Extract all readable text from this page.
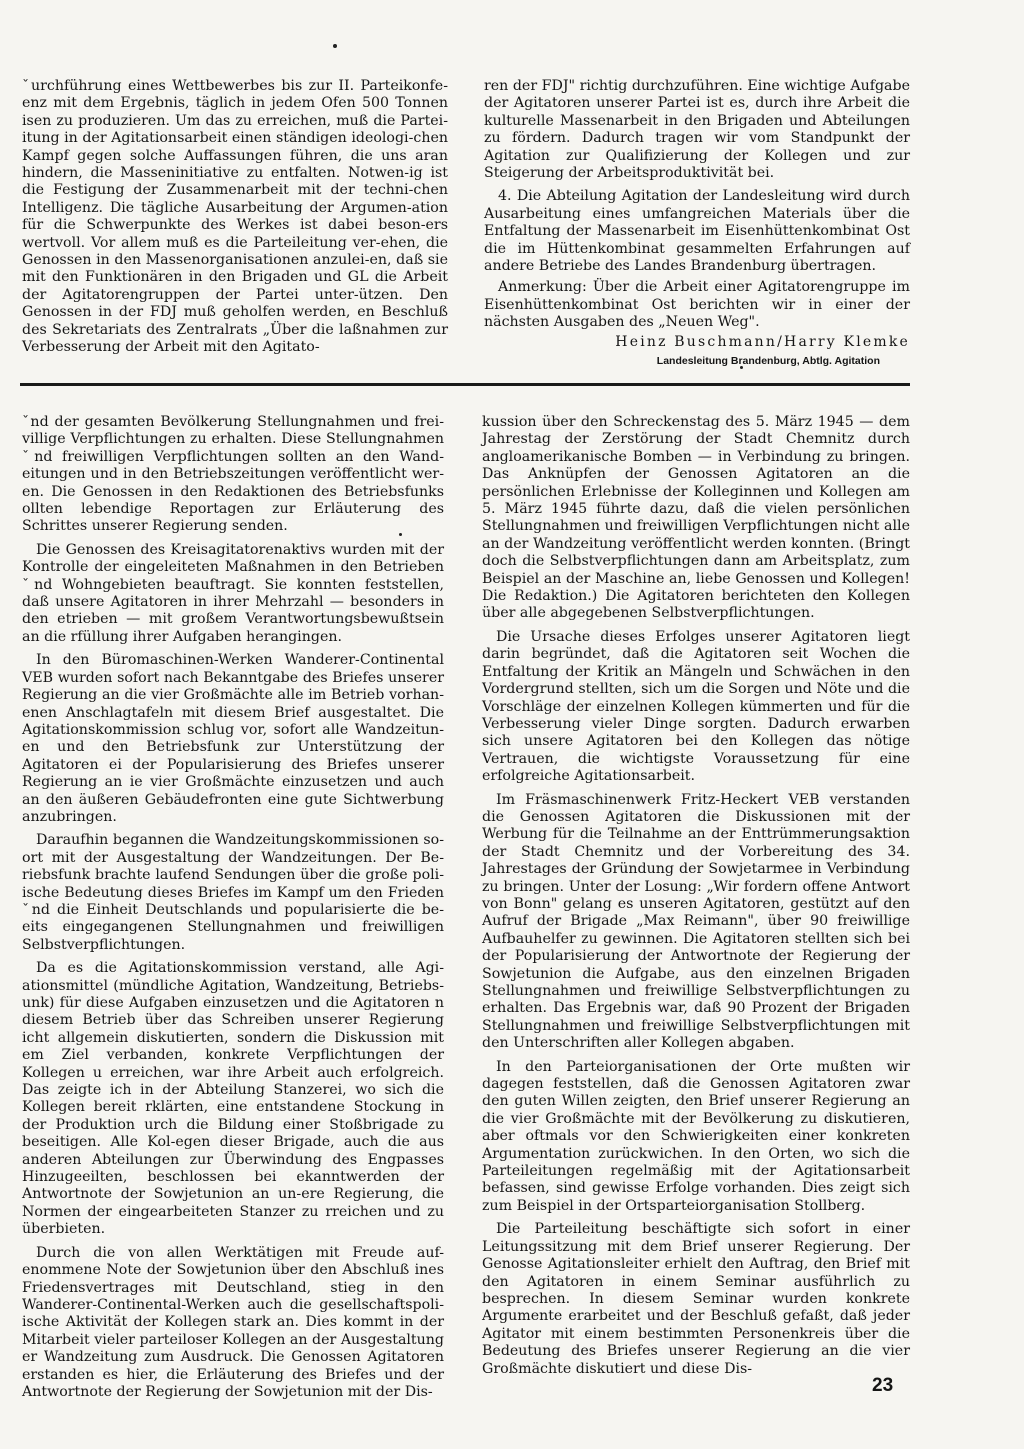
ˇurchführung eines Wettbewerbes bis zur II. Parteikonfe-enz mit dem Ergebnis, täglich in jedem Ofen 500 Tonnen isen zu produzieren. Um das zu erreichen, muß die Partei-itung in der Agitationsarbeit einen ständigen ideologi-chen Kampf gegen solche Auffassungen führen, die uns aran hindern, die Masseninitiative zu entfalten. Notwen-ig ist die Festigung der Zusammenarbeit mit der techni-chen Intelligenz. Die tägliche Ausarbeitung der Argumen-ation für die Schwerpunkte des Werkes ist dabei beson-ers wertvoll. Vor allem muß es die Parteileitung ver-ehen, die Genossen in den Massenorganisationen anzulei-en, daß sie mit den Funktionären in den Brigaden und GL die Arbeit der Agitatorengruppen der Partei unter-ützen. Den Genossen in der FDJ muß geholfen werden, en Beschluß des Sekretariats des Zentralrats „Über die laßnahmen zur Verbesserung der Arbeit mit den Agitato-

ren der FDJ" richtig durchzuführen. Eine wichtige Aufgabe der Agitatoren unserer Partei ist es, durch ihre Arbeit die kulturelle Massenarbeit in den Brigaden und Abteilungen zu fördern. Dadurch tragen wir vom Standpunkt der Agitation zur Qualifizierung der Kollegen und zur Steigerung der Arbeitsproduktivität bei.

4. Die Abteilung Agitation der Landesleitung wird durch Ausarbeitung eines umfangreichen Materials über die Entfaltung der Massenarbeit im Eisenhüttenkombinat Ost die im Hüttenkombinat gesammelten Erfahrungen auf andere Betriebe des Landes Brandenburg übertragen.

Anmerkung: Über die Arbeit einer Agitatorengruppe im Eisenhüttenkombinat Ost berichten wir in einer der nächsten Ausgaben des „Neuen Weg".

Heinz Buschmann/Harry Klemke
Landesleitung Brandenburg, Abtlg. Agitation

ˇnd der gesamten Bevölkerung Stellungnahmen und frei-villige Verpflichtungen zu erhalten. Diese Stellungnahmen ˇnd freiwilligen Verpflichtungen sollten an den Wand-eitungen und in den Betriebszeitungen veröffentlicht wer-en. Die Genossen in den Redaktionen des Betriebsfunks ollten lebendige Reportagen zur Erläuterung des Schrittes unserer Regierung senden.

Die Genossen des Kreisagitatorenaktivs wurden mit der Kontrolle der eingeleiteten Maßnahmen in den Betrieben ˇnd Wohngebieten beauftragt. Sie konnten feststellen, daß unsere Agitatoren in ihrer Mehrzahl — besonders in den etrieben — mit großem Verantwortungsbewußtsein an die rfüllung ihrer Aufgaben herangingen.

In den Büromaschinen-Werken Wanderer-Continental VEB wurden sofort nach Bekanntgabe des Briefes unserer Regierung an die vier Großmächte alle im Betrieb vorhan-enen Anschlagtafeln mit diesem Brief ausgestaltet. Die Agitationskommission schlug vor, sofort alle Wandzeitun-en und den Betriebsfunk zur Unterstützung der Agitatoren ei der Popularisierung des Briefes unserer Regierung an ie vier Großmächte einzusetzen und auch an den äußeren Gebäudefronten eine gute Sichtwerbung anzubringen.

Daraufhin begannen die Wandzeitungskommissionen so-ort mit der Ausgestaltung der Wandzeitungen. Der Be-riebsfunk brachte laufend Sendungen über die große poli-ische Bedeutung dieses Briefes im Kampf um den Frieden ˇnd die Einheit Deutschlands und popularisierte die be-eits eingegangenen Stellungnahmen und freiwilligen Selbstverpflichtungen.

Da es die Agitationskommission verstand, alle Agi-ationsmittel (mündliche Agitation, Wandzeitung, Betriebs-unk) für diese Aufgaben einzusetzen und die Agitatoren n diesem Betrieb über das Schreiben unserer Regierung icht allgemein diskutierten, sondern die Diskussion mit em Ziel verbanden, konkrete Verpflichtungen der Kollegen u erreichen, war ihre Arbeit auch erfolgreich. Das zeigte ich in der Abteilung Stanzerei, wo sich die Kollegen bereit rklärten, eine entstandene Stockung in der Produktion urch die Bildung einer Stoßbrigade zu beseitigen. Alle Kol-egen dieser Brigade, auch die aus anderen Abteilungen zur Überwindung des Engpasses Hinzugeeilten, beschlossen bei ekanntwerden der Antwortnote der Sowjetunion an un-ere Regierung, die Normen der eingearbeiteten Stanzer zu rreichen und zu überbieten.

Durch die von allen Werktätigen mit Freude auf-enommene Note der Sowjetunion über den Abschluß ines Friedensvertrages mit Deutschland, stieg in den Wanderer-Continental-Werken auch die gesellschaftspoli-ische Aktivität der Kollegen stark an. Dies kommt in der Mitarbeit vieler parteiloser Kollegen an der Ausgestaltung er Wandzeitung zum Ausdruck. Die Genossen Agitatoren erstanden es hier, die Erläuterung des Briefes und der Antwortnote der Regierung der Sowjetunion mit der Dis-

kussion über den Schreckenstag des 5. März 1945 — dem Jahrestag der Zerstörung der Stadt Chemnitz durch angloamerikanische Bomben — in Verbindung zu bringen. Das Anknüpfen der Genossen Agitatoren an die persönlichen Erlebnisse der Kolleginnen und Kollegen am 5. März 1945 führte dazu, daß die vielen persönlichen Stellungnahmen und freiwilligen Verpflichtungen nicht alle an der Wandzeitung veröffentlicht werden konnten. (Bringt doch die Selbstverpflichtungen dann am Arbeitsplatz, zum Beispiel an der Maschine an, liebe Genossen und Kollegen! Die Redaktion.) Die Agitatoren berichteten den Kollegen über alle abgegebenen Selbstverpflichtungen.

Die Ursache dieses Erfolges unserer Agitatoren liegt darin begründet, daß die Agitatoren seit Wochen die Entfaltung der Kritik an Mängeln und Schwächen in den Vordergrund stellten, sich um die Sorgen und Nöte und die Vorschläge der einzelnen Kollegen kümmerten und für die Verbesserung vieler Dinge sorgten. Dadurch erwarben sich unsere Agitatoren bei den Kollegen das nötige Vertrauen, die wichtigste Voraussetzung für eine erfolgreiche Agitationsarbeit.

Im Fräsmaschinenwerk Fritz-Heckert VEB verstanden die Genossen Agitatoren die Diskussionen mit der Werbung für die Teilnahme an der Enttrümmerungsaktion der Stadt Chemnitz und der Vorbereitung des 34. Jahrestages der Gründung der Sowjetarmee in Verbindung zu bringen. Unter der Losung: „Wir fordern offene Antwort von Bonn" gelang es unseren Agitatoren, gestützt auf den Aufruf der Brigade „Max Reimann", über 90 freiwillige Aufbauhelfer zu gewinnen. Die Agitatoren stellten sich bei der Popularisierung der Antwortnote der Regierung der Sowjetunion die Aufgabe, aus den einzelnen Brigaden Stellungnahmen und freiwillige Selbstverpflichtungen zu erhalten. Das Ergebnis war, daß 90 Prozent der Brigaden Stellungnahmen und freiwillige Selbstverpflichtungen mit den Unterschriften aller Kollegen abgaben.

In den Parteiorganisationen der Orte mußten wir dagegen feststellen, daß die Genossen Agitatoren zwar den guten Willen zeigten, den Brief unserer Regierung an die vier Großmächte mit der Bevölkerung zu diskutieren, aber oftmals vor den Schwierigkeiten einer konkreten Argumentation zurückwichen. In den Orten, wo sich die Parteileitungen regelmäßig mit der Agitationsarbeit befassen, sind gewisse Erfolge vorhanden. Dies zeigt sich zum Beispiel in der Ortsparteiorganisation Stollberg.

Die Parteileitung beschäftigte sich sofort in einer Leitungssitzung mit dem Brief unserer Regierung. Der Genosse Agitationsleiter erhielt den Auftrag, den Brief mit den Agitatoren in einem Seminar ausführlich zu besprechen. In diesem Seminar wurden konkrete Argumente erarbeitet und der Beschluß gefaßt, daß jeder Agitator mit einem bestimmten Personenkreis über die Bedeutung des Briefes unserer Regierung an die vier Großmächte diskutiert und diese Dis-

23
